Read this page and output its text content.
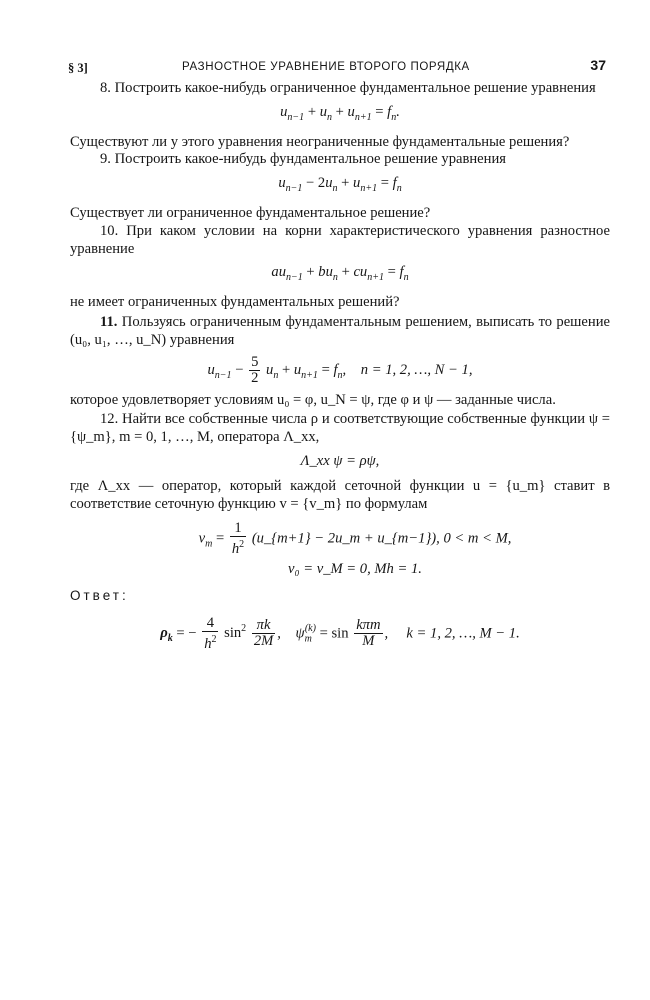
§ 3]	РАЗНОСТНОЕ УРАВНЕНИЕ ВТОРОГО ПОРЯДКА	37

8. Построить какое-нибудь ограниченное фундаментальное решение уравнения

$u_{n-1} + u_n + u_{n+1} = f_n$.

Существуют ли у этого уравнения неограниченные фундаментальные решения?

9. Построить какое-нибудь фундаментальное решение уравнения

$u_{n-1} - 2u_n + u_{n+1} = f_n$

Существует ли ограниченное фундаментальное решение?

10. При каком условии на корни характеристического уравнения разностное уравнение

$au_{n-1} + bu_n + cu_{n+1} = f_n$

не имеет ограниченных фундаментальных решений?

11. Пользуясь ограниченным фундаментальным решением, выписать то решение (u₀, u₁, …, u_N) уравнения

$u_{n-1} - \frac{5}{2} u_n + u_{n+1} = f_n$,    n = 1, 2, …, N − 1,

которое удовлетворяет условиям u₀ = φ, u_N = ψ, где φ и ψ — заданные числа.

12. Найти все собственные числа ρ и соответствующие собственные функции ψ = {ψ_m}, m = 0, 1, …, M, оператора Λ_xx,

Λ_xx ψ = ρψ,

где Λ_xx — оператор, который каждой сеточной функции u = {u_m} ставит в соответствие сеточную функцию v = {v_m} по формулам

$v_m = \frac{1}{h^2}$ (u_{m+1} − 2u_m + u_{m−1}), 0 < m < M,
v₀ = v_M = 0, Mh = 1.

Ответ:

$\rho_k$ = − $\frac{4}{h^2} \sin^2 \frac{\pi k}{2M}$ ,    $\psi_m^{(k)} = \sin \frac{\text{kπm}}{M}$ ,     k = 1, 2, …, M − 1.
